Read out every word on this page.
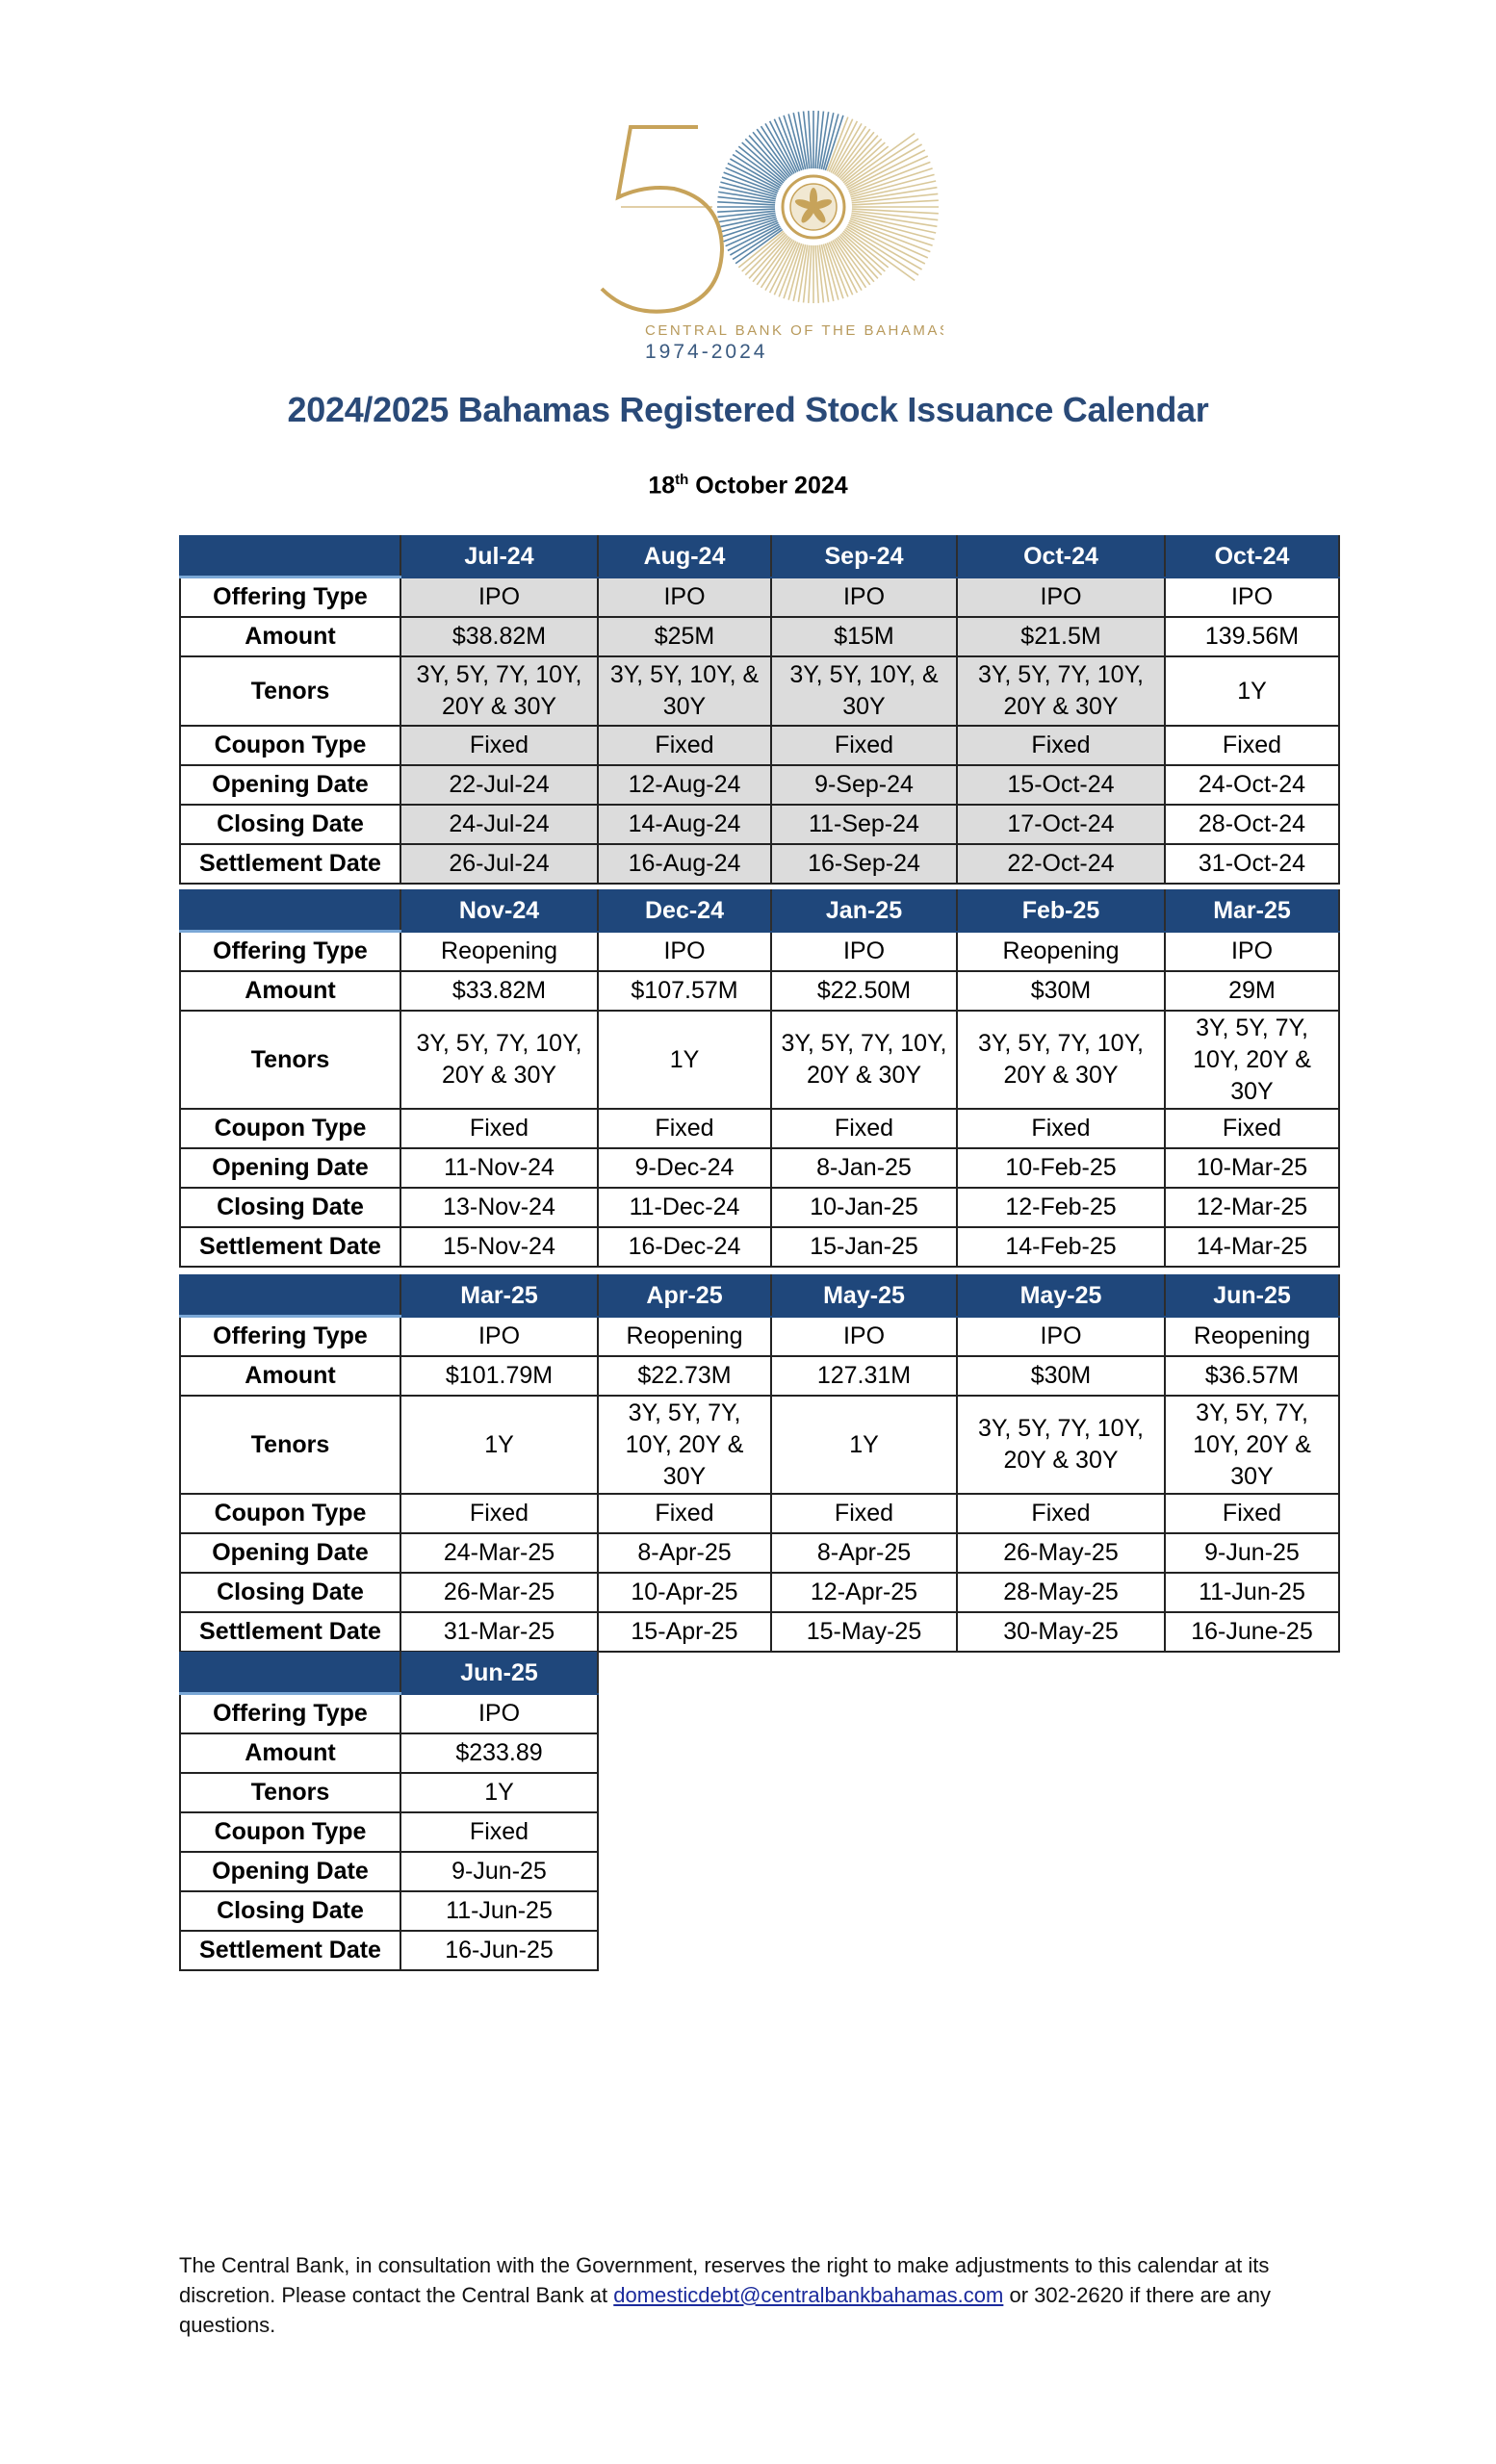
CENTRAL BANK OF THE BAHAMAS
1974-2024
2024/2025 Bahamas Registered Stock Issuance Calendar
18th October 2024
	Jul-24	Aug-24	Sep-24	Oct-24	Oct-24
Offering Type	IPO	IPO	IPO	IPO	IPO
Amount	$38.82M	$25M	$15M	$21.5M	139.56M
Tenors	3Y, 5Y, 7Y, 10Y, 20Y & 30Y	3Y, 5Y, 10Y, & 30Y	3Y, 5Y, 10Y, & 30Y	3Y, 5Y, 7Y, 10Y, 20Y & 30Y	1Y
Coupon Type	Fixed	Fixed	Fixed	Fixed	Fixed
Opening Date	22-Jul-24	12-Aug-24	9-Sep-24	15-Oct-24	24-Oct-24
Closing Date	24-Jul-24	14-Aug-24	11-Sep-24	17-Oct-24	28-Oct-24
Settlement Date	26-Jul-24	16-Aug-24	16-Sep-24	22-Oct-24	31-Oct-24
	Nov-24	Dec-24	Jan-25	Feb-25	Mar-25
Offering Type	Reopening	IPO	IPO	Reopening	IPO
Amount	$33.82M	$107.57M	$22.50M	$30M	29M
Tenors	3Y, 5Y, 7Y, 10Y, 20Y & 30Y	1Y	3Y, 5Y, 7Y, 10Y, 20Y & 30Y	3Y, 5Y, 7Y, 10Y, 20Y & 30Y	3Y, 5Y, 7Y, 10Y, 20Y & 30Y
Coupon Type	Fixed	Fixed	Fixed	Fixed	Fixed
Opening Date	11-Nov-24	9-Dec-24	8-Jan-25	10-Feb-25	10-Mar-25
Closing Date	13-Nov-24	11-Dec-24	10-Jan-25	12-Feb-25	12-Mar-25
Settlement Date	15-Nov-24	16-Dec-24	15-Jan-25	14-Feb-25	14-Mar-25
	Mar-25	Apr-25	May-25	May-25	Jun-25
Offering Type	IPO	Reopening	IPO	IPO	Reopening
Amount	$101.79M	$22.73M	127.31M	$30M	$36.57M
Tenors	1Y	3Y, 5Y, 7Y, 10Y, 20Y & 30Y	1Y	3Y, 5Y, 7Y, 10Y, 20Y & 30Y	3Y, 5Y, 7Y, 10Y, 20Y & 30Y
Coupon Type	Fixed	Fixed	Fixed	Fixed	Fixed
Opening Date	24-Mar-25	8-Apr-25	8-Apr-25	26-May-25	9-Jun-25
Closing Date	26-Mar-25	10-Apr-25	12-Apr-25	28-May-25	11-Jun-25
Settlement Date	31-Mar-25	15-Apr-25	15-May-25	30-May-25	16-June-25
	Jun-25
Offering Type	IPO
Amount	$233.89
Tenors	1Y
Coupon Type	Fixed
Opening Date	9-Jun-25
Closing Date	11-Jun-25
Settlement Date	16-Jun-25
The Central Bank, in consultation with the Government, reserves the right to make adjustments to this calendar at its discretion. Please contact the Central Bank at domesticdebt@centralbankbahamas.com or 302-2620 if there are any questions.
